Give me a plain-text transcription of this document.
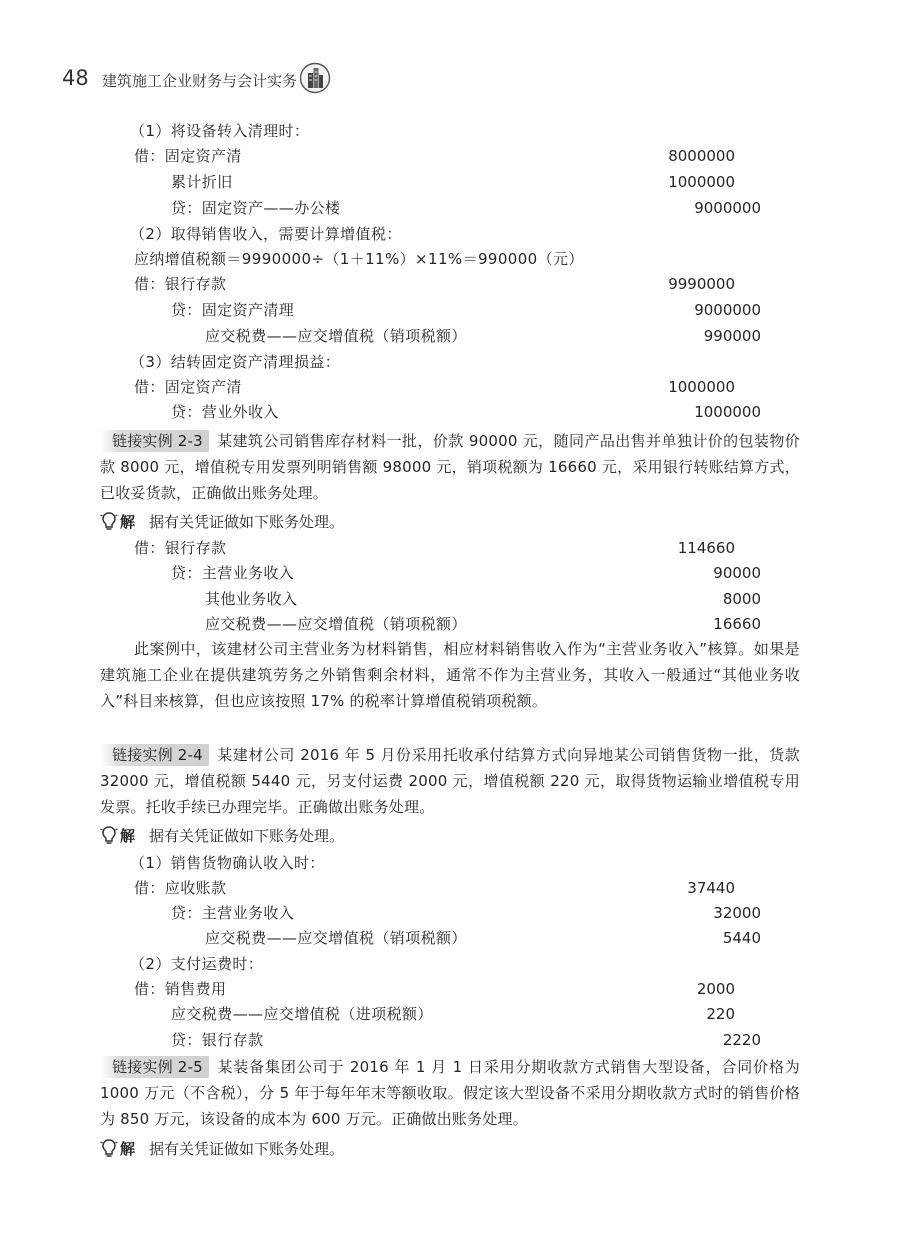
48 建筑施工企业财务与会计实务
（1）将设备转入清理时：
借：固定资产清	8000000
累计折旧	1000000
贷：固定资产——办公楼	9000000
（2）取得销售收入，需要计算增值税：
应纳增值税额＝9990000÷（1＋11%）×11%＝990000（元）
借：银行存款	9990000
贷：固定资产清理	9000000
应交税费——应交增值税（销项税额）	990000
（3）结转固定资产清理损益：
借：固定资产清	1000000
贷：营业外收入	1000000
链接实例 2-3 某建筑公司销售库存材料一批，价款 90000 元，随同产品出售并单独计价的包装物价款 8000 元，增值税专用发票列明销售额 98000 元，销项税额为 16660 元，采用银行转账结算方式，已收妥货款，正确做出账务处理。
解 据有关凭证做如下账务处理。
借：银行存款	114660
贷：主营业务收入	90000
其他业务收入	8000
应交税费——应交增值税（销项税额）	16660
此案例中，该建材公司主营业务为材料销售，相应材料销售收入作为“主营业务收入”核算。如果是建筑施工企业在提供建筑劳务之外销售剩余材料，通常不作为主营业务，其收入一般通过“其他业务收入”科目来核算，但也应该按照 17% 的税率计算增值税销项税额。
链接实例 2-4 某建材公司 2016 年 5 月份采用托收承付结算方式向异地某公司销售货物一批，货款 32000 元，增值税额 5440 元，另支付运费 2000 元，增值税额 220 元，取得货物运输业增值税专用发票。托收手续已办理完毕。正确做出账务处理。
解 据有关凭证做如下账务处理。
（1）销售货物确认收入时：
借：应收账款	37440
贷：主营业务收入	32000
应交税费——应交增值税（销项税额）	5440
（2）支付运费时：
借：销售费用	2000
应交税费——应交增值税（进项税额）	220
贷：银行存款	2220
链接实例 2-5 某装备集团公司于 2016 年 1 月 1 日采用分期收款方式销售大型设备，合同价格为 1000 万元（不含税），分 5 年于每年年末等额收取。假定该大型设备不采用分期收款方式时的销售价格为 850 万元，该设备的成本为 600 万元。正确做出账务处理。
解 据有关凭证做如下账务处理。
